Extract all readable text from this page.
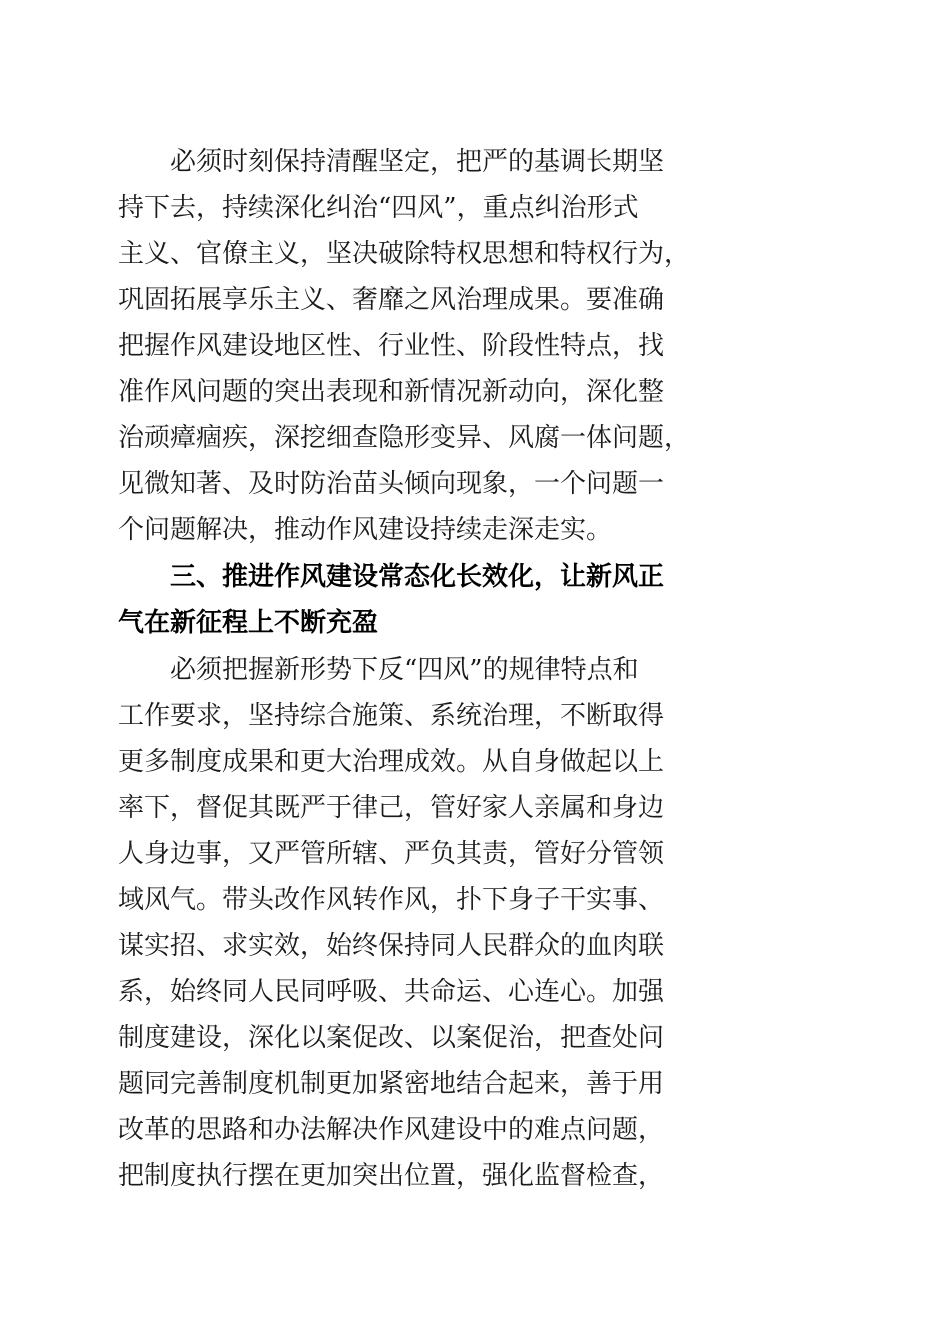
　　必须时刻保持清醒坚定，把严的基调长期坚
持下去，持续深化纠治“四风”，重点纠治形式
主义、官僚主义，坚决破除特权思想和特权行为，
巩固拓展享乐主义、奢靡之风治理成果。要准确
把握作风建设地区性、行业性、阶段性特点，找
准作风问题的突出表现和新情况新动向，深化整
治顽瘴痼疾，深挖细查隐形变异、风腐一体问题，
见微知著、及时防治苗头倾向现象，一个问题一
个问题解决，推动作风建设持续走深走实。
　　三、推进作风建设常态化长效化，让新风正
气在新征程上不断充盈
　　必须把握新形势下反“四风”的规律特点和
工作要求，坚持综合施策、系统治理，不断取得
更多制度成果和更大治理成效。从自身做起以上
率下，督促其既严于律己，管好家人亲属和身边
人身边事，又严管所辖、严负其责，管好分管领
域风气。带头改作风转作风，扑下身子干实事、
谋实招、求实效，始终保持同人民群众的血肉联
系，始终同人民同呼吸、共命运、心连心。加强
制度建设，深化以案促改、以案促治，把查处问
题同完善制度机制更加紧密地结合起来，善于用
改革的思路和办法解决作风建设中的难点问题，
把制度执行摆在更加突出位置，强化监督检查，
